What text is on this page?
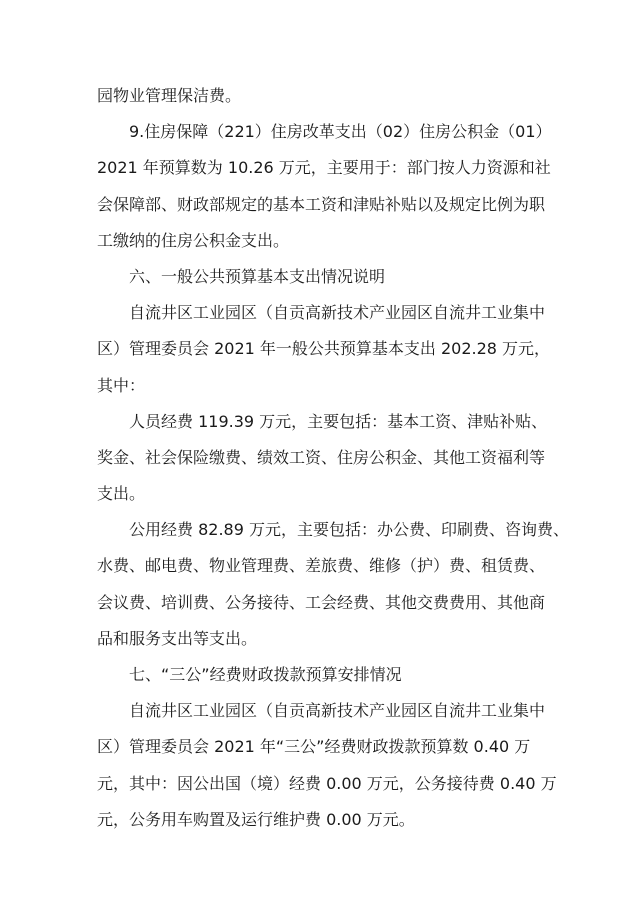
园物业管理保洁费。
9.住房保障（221）住房改革支出（02）住房公积金（01）
2021 年预算数为 10.26 万元，主要用于：部门按人力资源和社
会保障部、财政部规定的基本工资和津贴补贴以及规定比例为职
工缴纳的住房公积金支出。
六、一般公共预算基本支出情况说明
自流井区工业园区（自贡高新技术产业园区自流井工业集中
区）管理委员会 2021 年一般公共预算基本支出 202.28 万元，
其中：
人员经费 119.39 万元，主要包括：基本工资、津贴补贴、
奖金、社会保险缴费、绩效工资、住房公积金、其他工资福利等
支出。
公用经费 82.89 万元，主要包括：办公费、印刷费、咨询费、
水费、邮电费、物业管理费、差旅费、维修（护）费、租赁费、
会议费、培训费、公务接待、工会经费、其他交费费用、其他商
品和服务支出等支出。
七、“三公”经费财政拨款预算安排情况
自流井区工业园区（自贡高新技术产业园区自流井工业集中
区）管理委员会 2021 年“三公”经费财政拨款预算数 0.40 万
元，其中：因公出国（境）经费 0.00 万元，公务接待费 0.40 万
元，公务用车购置及运行维护费 0.00 万元。
